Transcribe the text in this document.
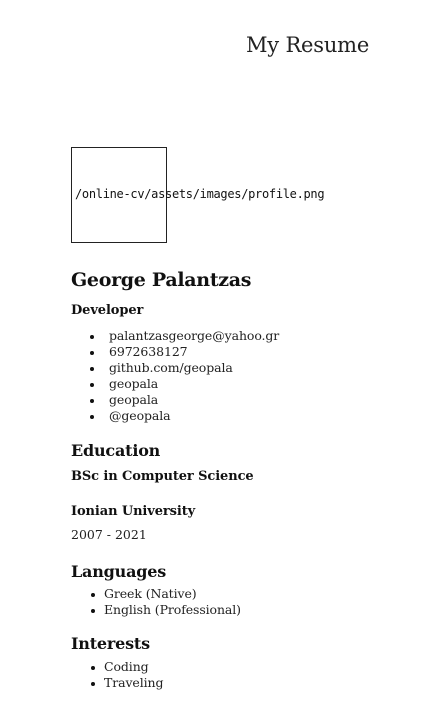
My Resume
/online-cv/assets/images/profile.png
George Palantzas
Developer
palantzasgeorge@yahoo.gr
6972638127
github.com/geopala
geopala
geopala
@geopala
Education
BSc in Computer Science
Ionian University

2007 - 2021

Languages
Greek (Native)
English (Professional)
Interests
Coding
Traveling
